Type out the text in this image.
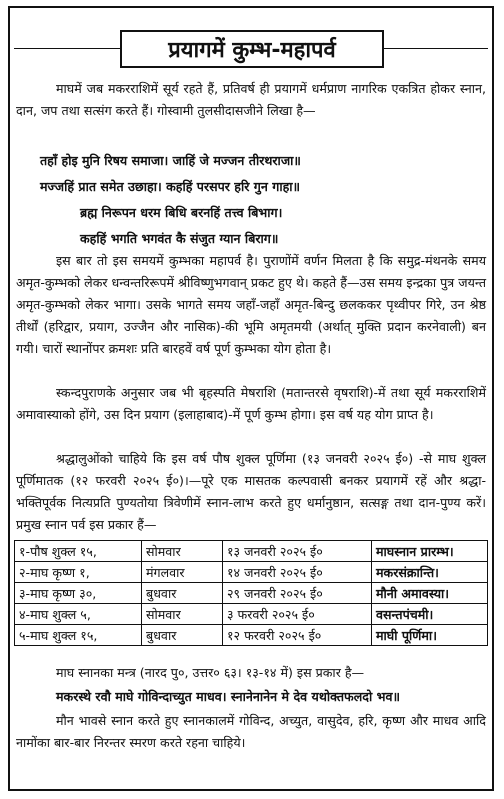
प्रयागमें कुम्भ-महापर्व

माघमें जब मकरराशिमें सूर्य रहते हैं, प्रतिवर्ष ही प्रयागमें धर्मप्राण नागरिक एकत्रित होकर स्नान, दान, जप तथा सत्संग करते हैं। गोस्वामी तुलसीदासजीने लिखा है—

तहाँ होइ मुनि रिषय समाजा। जाहिं जे मज्जन तीरथराजा॥

मज्जहिं प्रात समेत उछाहा। कहहिं परसपर हरि गुन गाहा॥

ब्रह्म निरूपन धरम बिधि बरनहिं तत्त्व बिभाग।

कहहिं भगति भगवंत कै संजुत ग्यान बिराग॥

इस बार तो इस समयमें कुम्भका महापर्व है। पुराणोंमें वर्णन मिलता है कि समुद्र-मंथनके समय अमृत-कुम्भको लेकर धन्वन्तरिरूपमें श्रीविष्णुभगवान् प्रकट हुए थे। कहते हैं—उस समय इन्द्रका पुत्र जयन्त अमृत-कुम्भको लेकर भागा। उसके भागते समय जहाँ-जहाँ अमृत-बिन्दु छलककर पृथ्वीपर गिरे, उन श्रेष्ठ तीर्थों (हरिद्वार, प्रयाग, उज्जैन और नासिक)-की भूमि अमृतमयी (अर्थात् मुक्ति प्रदान करनेवाली) बन गयी। चारों स्थानोंपर क्रमशः प्रति बारहवें वर्ष पूर्ण कुम्भका योग होता है।

स्कन्दपुराणके अनुसार जब भी बृहस्पति मेषराशि (मतान्तरसे वृषराशि)-में तथा सूर्य मकरराशिमें अमावास्याको होंगे, उस दिन प्रयाग (इलाहाबाद)-में पूर्ण कुम्भ होगा। इस वर्ष यह योग प्राप्त है।

श्रद्धालुओंको चाहिये कि इस वर्ष पौष शुक्ल पूर्णिमा (१३ जनवरी २०२५ ई०) -से माघ शुक्ल पूर्णिमातक (१२ फरवरी २०२५ ई०)।—पूरे एक मासतक कल्पवासी बनकर प्रयागमें रहें और श्रद्धा-भक्तिपूर्वक नित्यप्रति पुण्यतोया त्रिवेणीमें स्नान-लाभ करते हुए धर्मानुष्ठान, सत्सङ्ग तथा दान-पुण्य करें। प्रमुख स्नान पर्व इस प्रकार हैं—

१-पौष शुक्ल १५,	सोमवार	१३ जनवरी २०२५ ई०	माघस्नान प्रारम्भ।
२-माघ कृष्ण १,	मंगलवार	१४ जनवरी २०२५ ई०	मकरसंक्रान्ति।
३-माघ कृष्ण ३०,	बुधवार	२९ जनवरी २०२५ ई०	मौनी अमावस्या।
४-माघ शुक्ल ५,	सोमवार	३ फरवरी २०२५ ई०	वसन्तपंचमी।
५-माघ शुक्ल १५,	बुधवार	१२ फरवरी २०२५ ई०	माघी पूर्णिमा।

माघ स्नानका मन्त्र (नारद पु०, उत्तर० ६३। १३-१४ में) इस प्रकार है—

मकरस्थे रवौ माघे गोविन्दाच्युत माधव। स्नानेनानेन मे देव यथोक्तफलदो भव॥

मौन भावसे स्नान करते हुए स्नानकालमें गोविन्द, अच्युत, वासुदेव, हरि, कृष्ण और माधव आदि नामोंका बार-बार निरन्तर स्मरण करते रहना चाहिये।
